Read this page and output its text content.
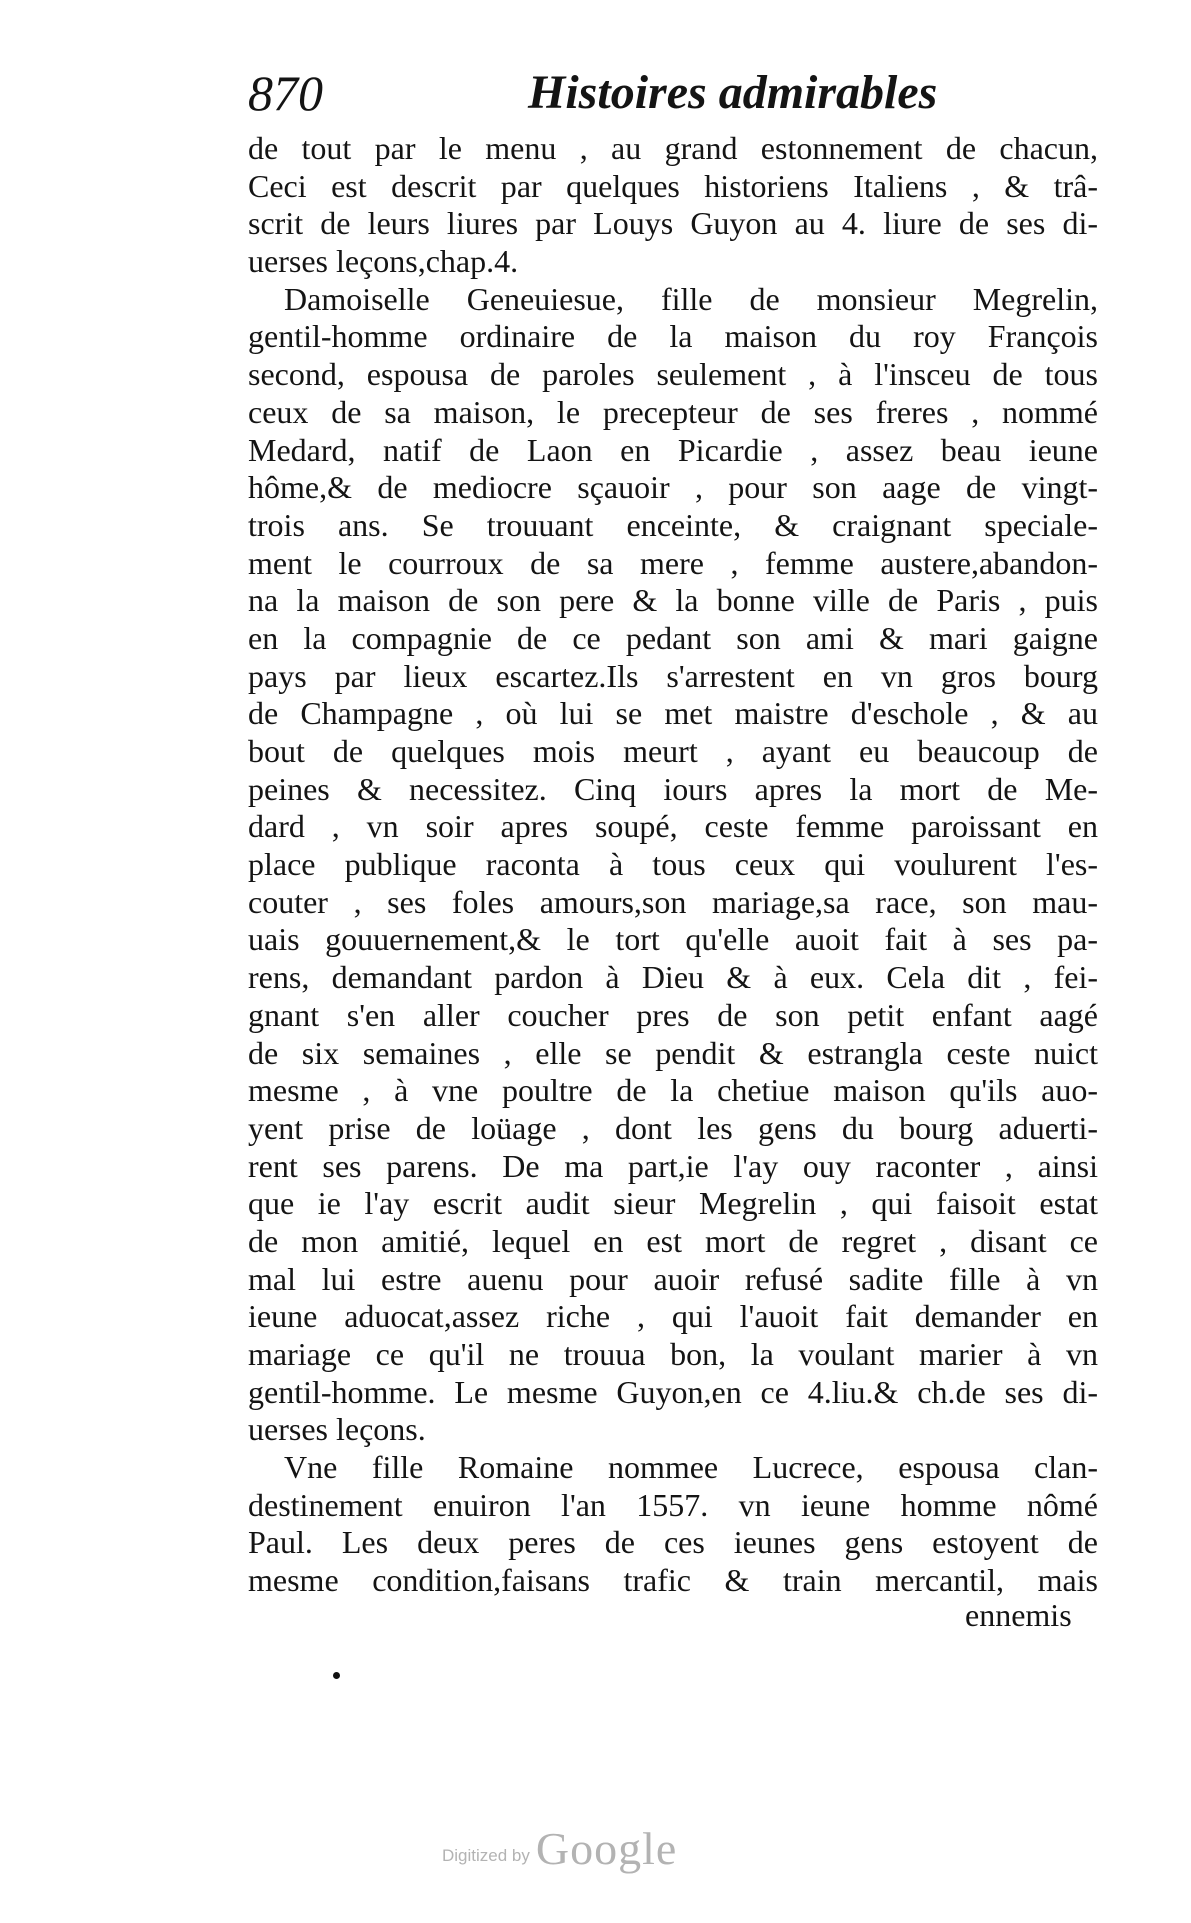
870	Histoires admirables
de tout par le menu , au grand estonnement de chacun,
Ceci est descrit par quelques historiens Italiens , & trâ-
scrit de leurs liures par Louys Guyon au 4. liure de ses di-
uerses leçons,chap.4.
Damoiselle Geneuiesue, fille de monsieur Megrelin,
gentil-homme ordinaire de la maison du roy François
second, espousa de paroles seulement , à l'insceu de tous
ceux de sa maison, le precepteur de ses freres , nommé
Medard, natif de Laon en Picardie , assez beau ieune
hôme,& de mediocre sçauoir , pour son aage de vingt-
trois ans. Se trouuant enceinte, & craignant speciale-
ment le courroux de sa mere , femme austere,abandon-
na la maison de son pere & la bonne ville de Paris , puis
en la compagnie de ce pedant son ami & mari gaigne
pays par lieux escartez.Ils s'arrestent en vn gros bourg
de Champagne , où lui se met maistre d'eschole , & au
bout de quelques mois meurt , ayant eu beaucoup de
peines & necessitez. Cinq iours apres la mort de Me-
dard , vn soir apres soupé, ceste femme paroissant en
place publique raconta à tous ceux qui voulurent l'es-
couter , ses foles amours,son mariage,sa race, son mau-
uais gouuernement,& le tort qu'elle auoit fait à ses pa-
rens, demandant pardon à Dieu & à eux. Cela dit , fei-
gnant s'en aller coucher pres de son petit enfant aagé
de six semaines , elle se pendit & estrangla ceste nuict
mesme , à vne poultre de la chetiue maison qu'ils auo-
yent prise de loüage , dont les gens du bourg aduerti-
rent ses parens. De ma part,ie l'ay ouy raconter , ainsi
que ie l'ay escrit audit sieur Megrelin , qui faisoit estat
de mon amitié, lequel en est mort de regret , disant ce
mal lui estre auenu pour auoir refusé sadite fille à vn
ieune aduocat,assez riche , qui l'auoit fait demander en
mariage ce qu'il ne trouua bon, la voulant marier à vn
gentil-homme. Le mesme Guyon,en ce 4.liu.& ch.de ses di-
uerses leçons.
Vne fille Romaine nommee Lucrece, espousa clan-
destinement enuiron l'an 1557. vn ieune homme nômé
Paul. Les deux peres de ces ieunes gens estoyent de
mesme condition,faisans trafic & train mercantil, mais
ennemis
Digitized by Google
